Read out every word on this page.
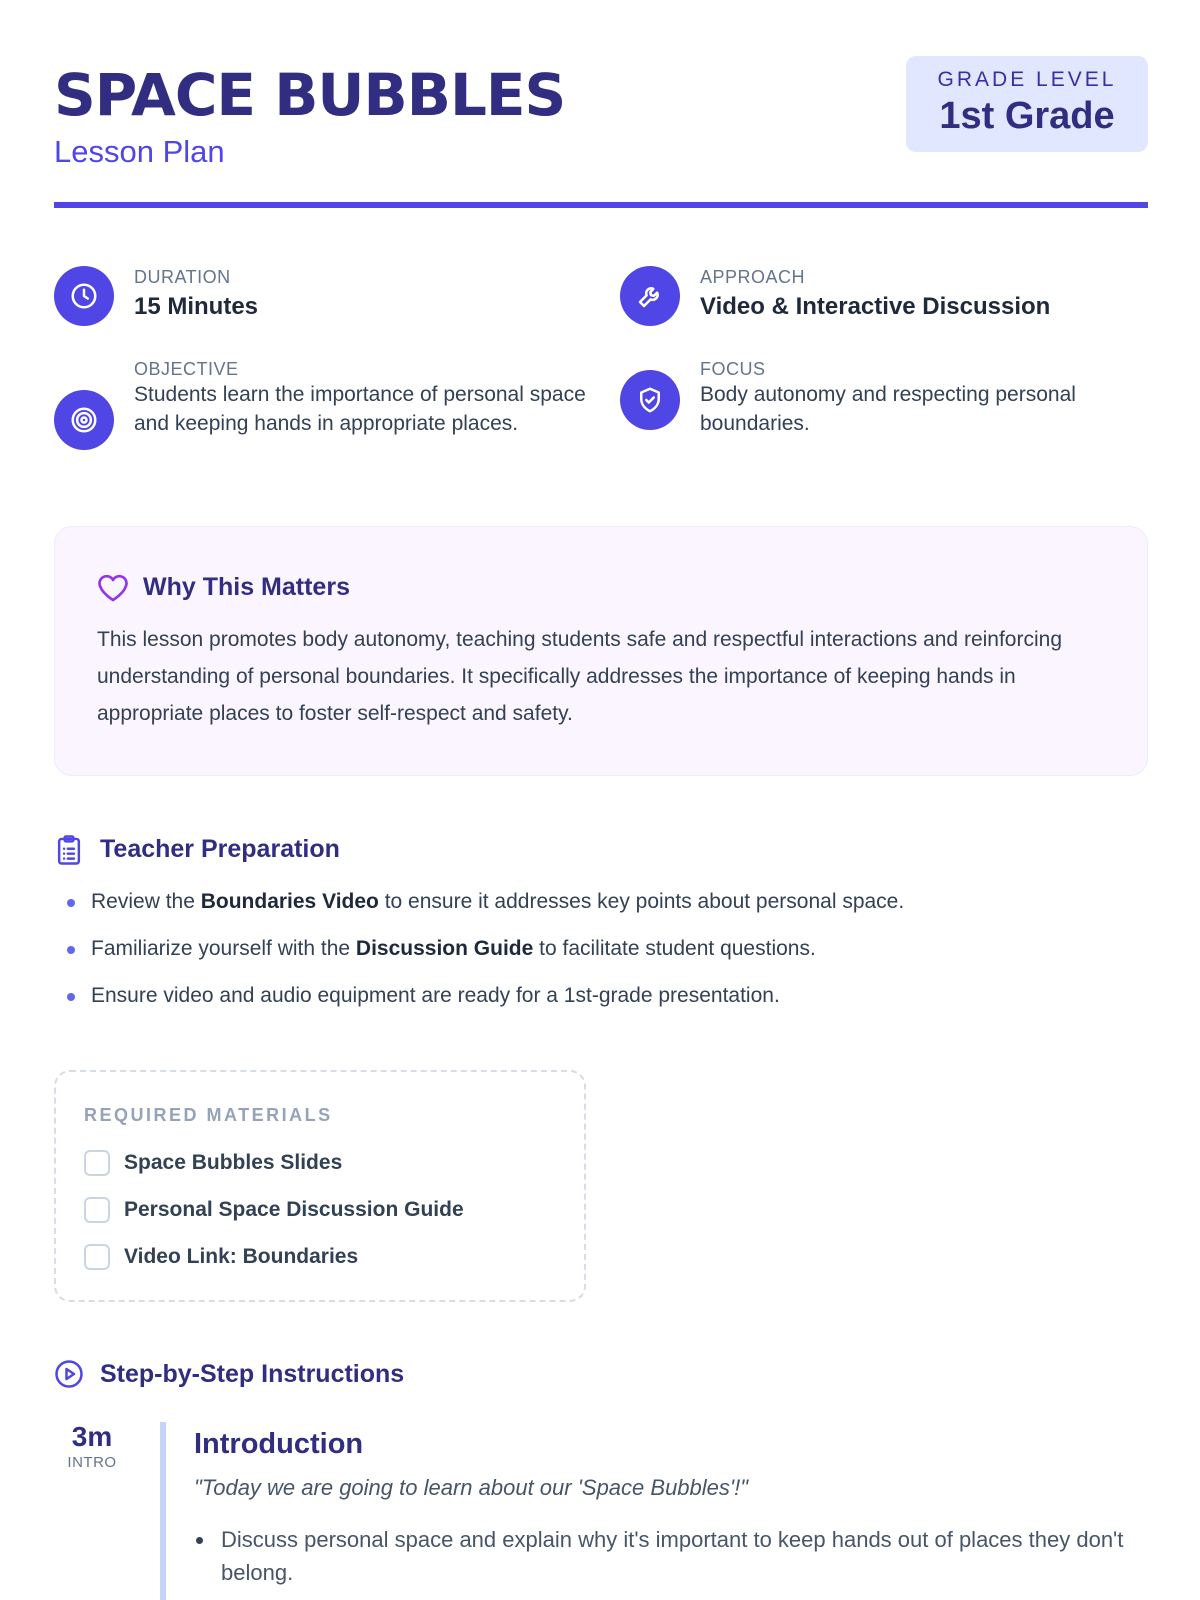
SPACE BUBBLES
Lesson Plan
GRADE LEVEL
1st Grade
DURATION
15 Minutes
APPROACH
Video & Interactive Discussion
OBJECTIVE
Students learn the importance of personal space and keeping hands in appropriate places.
FOCUS
Body autonomy and respecting personal boundaries.
Why This Matters
This lesson promotes body autonomy, teaching students safe and respectful interactions and reinforcing understanding of personal boundaries. It specifically addresses the importance of keeping hands in appropriate places to foster self-respect and safety.
Teacher Preparation
Review the Boundaries Video to ensure it addresses key points about personal space.
Familiarize yourself with the Discussion Guide to facilitate student questions.
Ensure video and audio equipment are ready for a 1st-grade presentation.
REQUIRED MATERIALS
Space Bubbles Slides
Personal Space Discussion Guide
Video Link: Boundaries
Step-by-Step Instructions
3m
INTRO
Introduction
"Today we are going to learn about our 'Space Bubbles'!"
Discuss personal space and explain why it's important to keep hands out of places they don't belong.
